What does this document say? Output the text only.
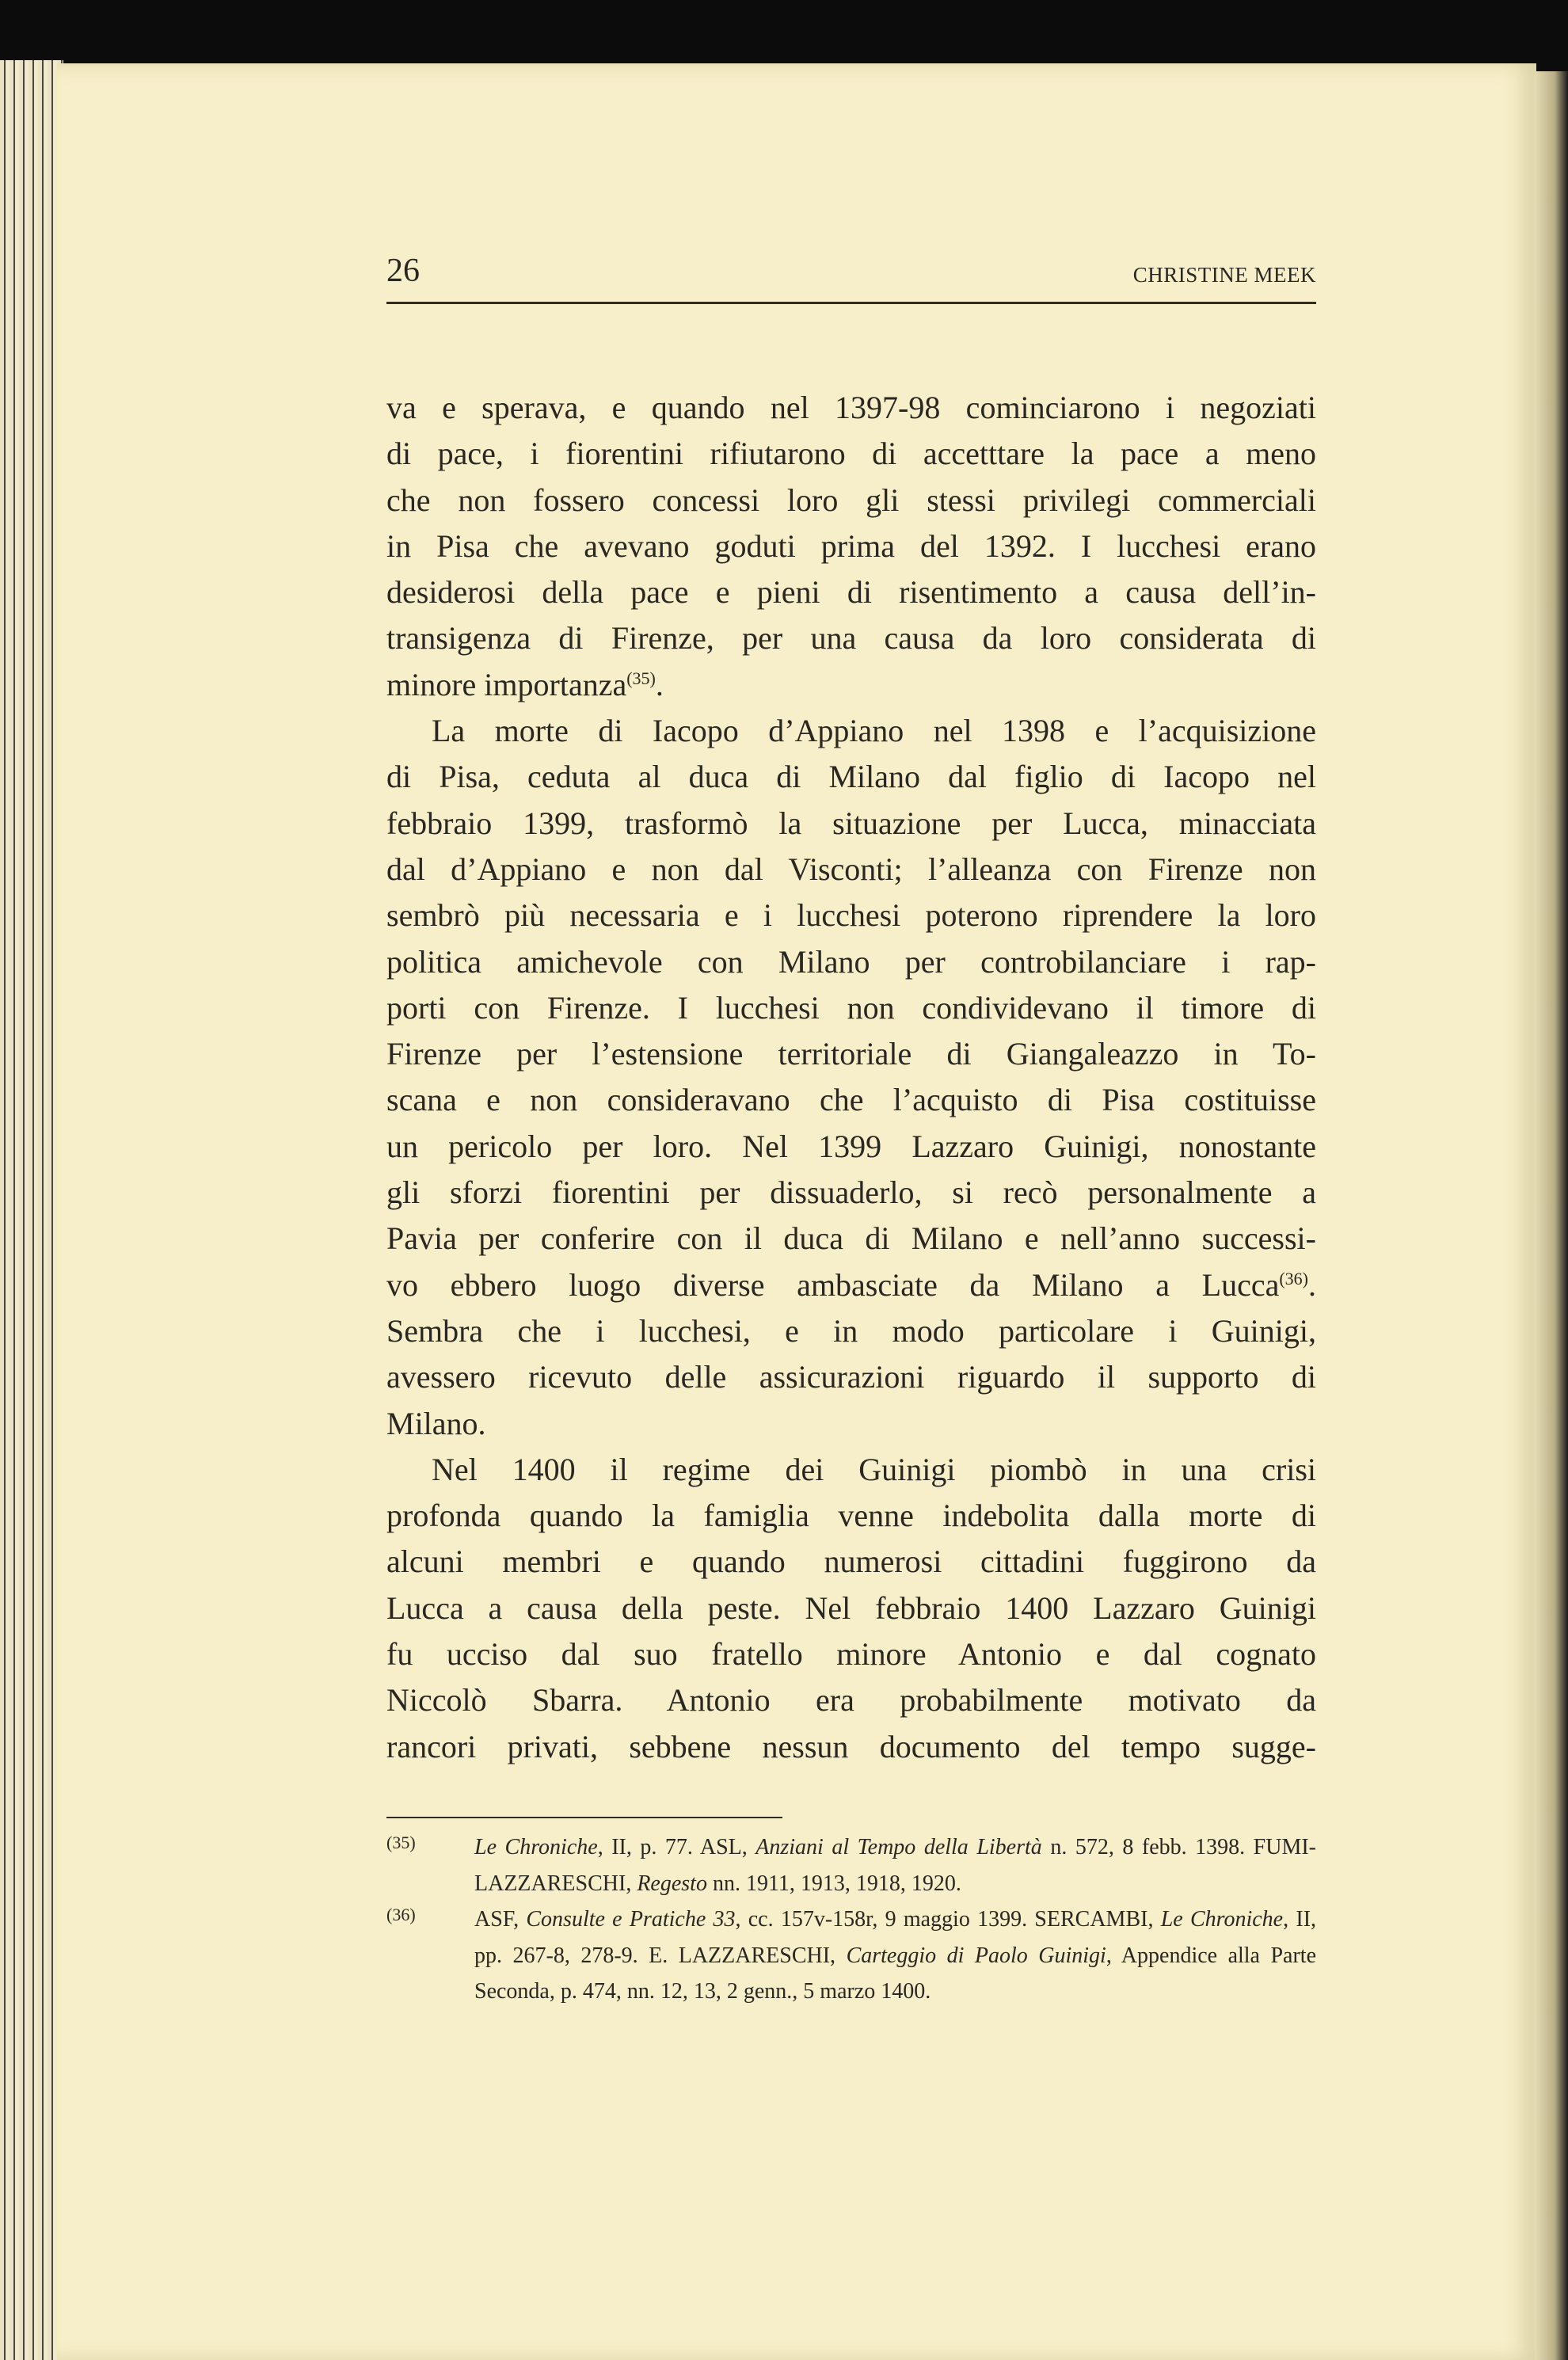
26	CHRISTINE MEEK
va e sperava, e quando nel 1397-98 cominciarono i negoziati
di pace, i fiorentini rifiutarono di accetttare la pace a meno
che non fossero concessi loro gli stessi privilegi commerciali
in Pisa che avevano goduti prima del 1392. I lucchesi erano
desiderosi della pace e pieni di risentimento a causa dell’in-
transigenza di Firenze, per una causa da loro considerata di
minore importanza$^{(35)}$.
La morte di Iacopo d’Appiano nel 1398 e l’acquisizione
di Pisa, ceduta al duca di Milano dal figlio di Iacopo nel
febbraio 1399, trasformò la situazione per Lucca, minacciata
dal d’Appiano e non dal Visconti; l’alleanza con Firenze non
sembrò più necessaria e i lucchesi poterono riprendere la loro
politica amichevole con Milano per controbilanciare i rap-
porti con Firenze. I lucchesi non condividevano il timore di
Firenze per l’estensione territoriale di Giangaleazzo in To-
scana e non consideravano che l’acquisto di Pisa costituisse
un pericolo per loro. Nel 1399 Lazzaro Guinigi, nonostante
gli sforzi fiorentini per dissuaderlo, si recò personalmente a
Pavia per conferire con il duca di Milano e nell’anno successi-
vo ebbero luogo diverse ambasciate da Milano a Lucca$^{(36)}$.
Sembra che i lucchesi, e in modo particolare i Guinigi,
avessero ricevuto delle assicurazioni riguardo il supporto di
Milano.
Nel 1400 il regime dei Guinigi piombò in una crisi
profonda quando la famiglia venne indebolita dalla morte di
alcuni membri e quando numerosi cittadini fuggirono da
Lucca a causa della peste. Nel febbraio 1400 Lazzaro Guinigi
fu ucciso dal suo fratello minore Antonio e dal cognato
Niccolò Sbarra. Antonio era probabilmente motivato da
rancori privati, sebbene nessun documento del tempo sugge-
(35)	Le Chroniche, II, p. 77. ASL, Anziani al Tempo della Libertà n. 572, 8 febb. 1398. FUMI-
LAZZARESCHI, Regesto nn. 1911, 1913, 1918, 1920.
(36)	ASF, Consulte e Pratiche 33, cc. 157v-158r, 9 maggio 1399. SERCAMBI, Le Chroniche, II,
pp. 267-8, 278-9. E. LAZZARESCHI, Carteggio di Paolo Guinigi, Appendice alla Parte
Seconda, p. 474, nn. 12, 13, 2 genn., 5 marzo 1400.
